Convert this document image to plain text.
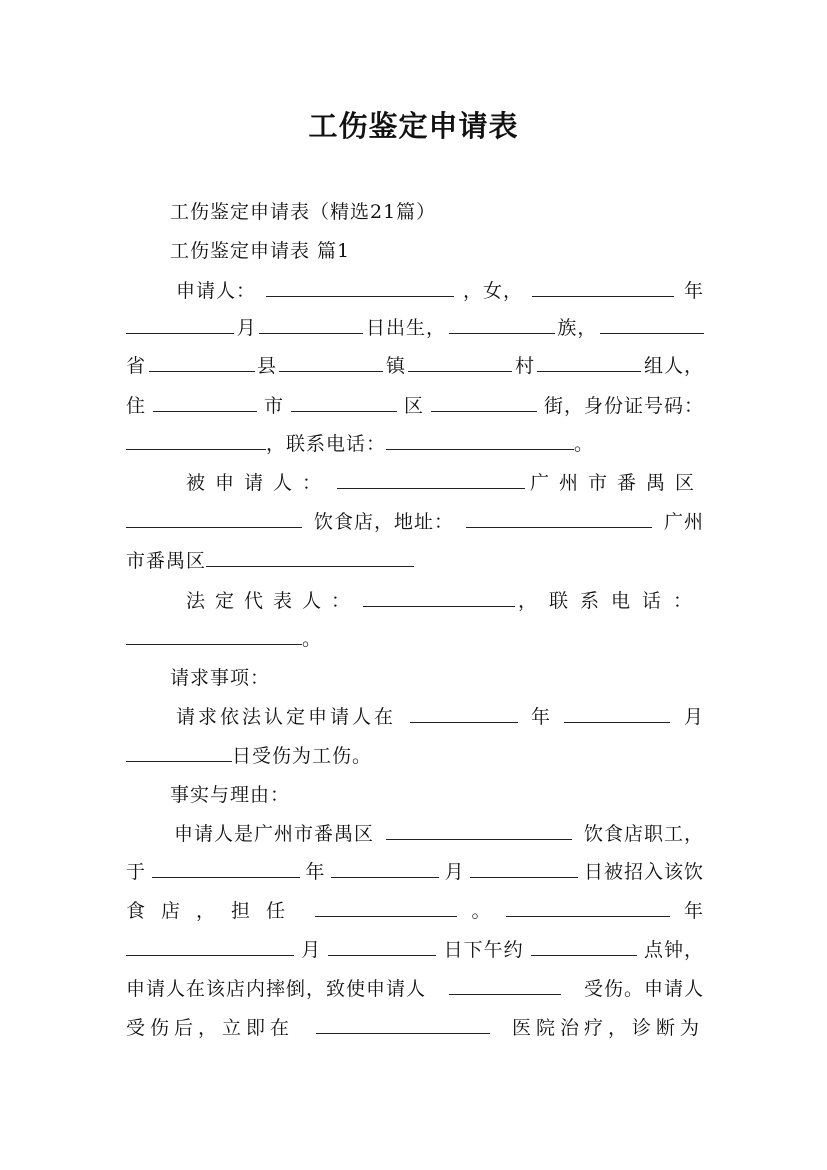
工伤鉴定申请表
工伤鉴定申请表（精选21篇）
工伤鉴定申请表 篇1
申请人：	，女，	年
月	日出生，	族，
省	县	镇	村	组人，
住	市	区	街，身份证号码：
，联系电话：	。
被申请人：	广州市番禺区
饮食店，地址：	广州
市番禺区
法定代表人：	，联系电话：
。
请求事项：
请求依法认定申请人在	年	月
日受伤为工伤。
事实与理由：
申请人是广州市番禺区	饮食店职工，
于	年	月	日被招入该饮
食店，担任	。	年
月	日下午约	点钟，
申请人在该店内摔倒，致使申请人	受伤。申请人
受伤后，立即在	医院治疗，诊断为
